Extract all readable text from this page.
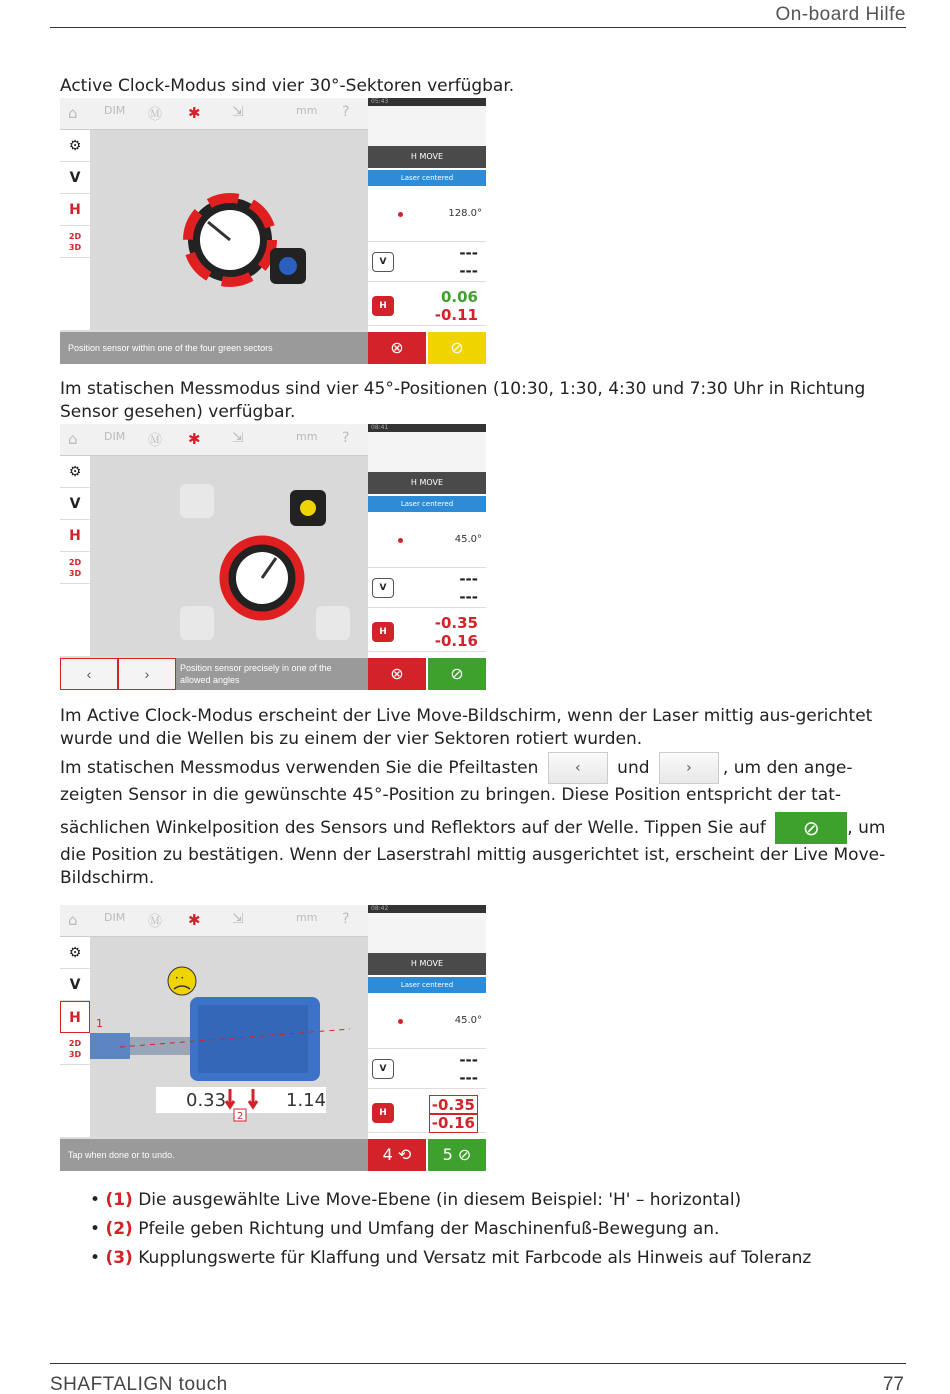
On-board Hilfe
Active Clock-Modus sind vier 30°-Sektoren verfügbar.
⌂ DIM Ⓜ ✱ ⇲	mm ?
⚙
V
H
2D
3D
Position sensor within one of the four green sectors
05:43
H MOVE
Laser centered
128.0°
V	---
---
H	0.06
-0.11
⊗	⊘
Im statischen Messmodus sind vier 45°-Positionen (10:30, 1:30, 4:30 und 7:30 Uhr in Richtung Sensor gesehen) verfügbar.
⌂ DIM Ⓜ ✱ ⇲	mm ?
⚙
V
H
2D
3D
‹	›	Position sensor precisely in one of the allowed angles
08:41
H MOVE
Laser centered
45.0°
V	---
---
H	-0.35
-0.16
⊗	⊘
Im Active Clock-Modus erscheint der Live Move-Bildschirm, wenn der Laser mittig aus-gerichtet wurde und die Wellen bis zu einem der vier Sektoren rotiert wurden.
Im statischen Messmodus verwenden Sie die Pfeiltasten	‹ und	› , um den ange-zeigten Sensor in die gewünschte 45°-Position zu bringen. Diese Position entspricht der tat-
sächlichen Winkelposition des Sensors und Reflektors auf der Welle. Tippen Sie auf ⊘ , um die Position zu bestätigen. Wenn der Laserstrahl mittig ausgerichtet ist, erscheint der Live Move-Bildschirm.
⌂ DIM Ⓜ ✱ ⇲	mm ?
⚙
V
H
2D
3D
• •
1
0.33	1.14
2
Tap when done or to undo.
08:42
H MOVE
Laser centered
45.0°
V	---
---
H	-0.35
-0.16
4 ⟲	5 ⊘
• (1) Die ausgewählte Live Move-Ebene (in diesem Beispiel: 'H' – horizontal)
• (2) Pfeile geben Richtung und Umfang der Maschinenfuß-Bewegung an.
• (3) Kupplungswerte für Klaffung und Versatz mit Farbcode als Hinweis auf Toleranz
SHAFTALIGN touch	77
